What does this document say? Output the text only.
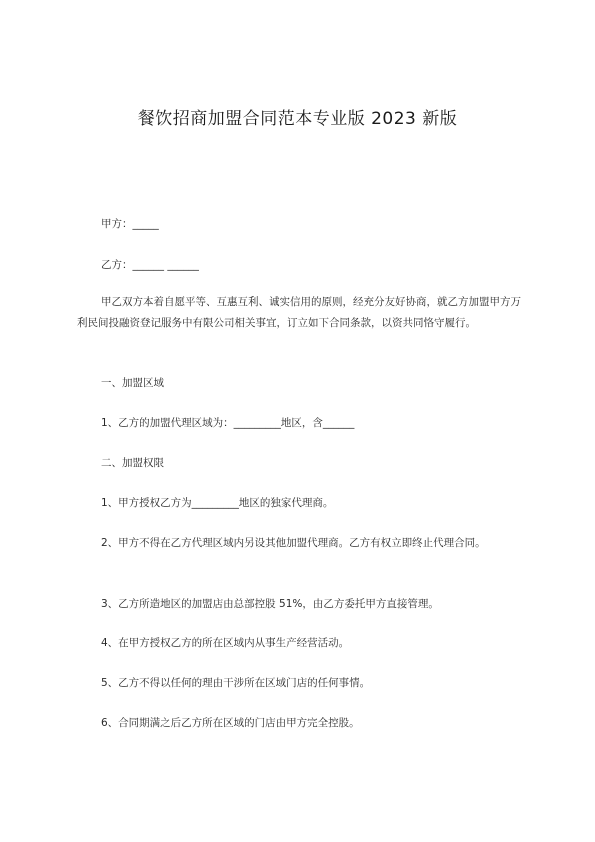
餐饮招商加盟合同范本专业版 2023 新版

甲方：_____

乙方：______ ______

甲乙双方本着自愿平等、互惠互利、诚实信用的原则，经充分友好协商，就乙方加盟甲方万利民间投融资登记服务中有限公司相关事宜，订立如下合同条款，以资共同恪守履行。

一、加盟区域

1、乙方的加盟代理区域为：_________地区，含______

二、加盟权限

1、甲方授权乙方为_________地区的独家代理商。

2、甲方不得在乙方代理区域内另设其他加盟代理商。乙方有权立即终止代理合同。

3、乙方所造地区的加盟店由总部控股 51%，由乙方委托甲方直接管理。

4、在甲方授权乙方的所在区域内从事生产经营活动。

5、乙方不得以任何的理由干涉所在区域门店的任何事情。

6、合同期满之后乙方所在区域的门店由甲方完全控股。
